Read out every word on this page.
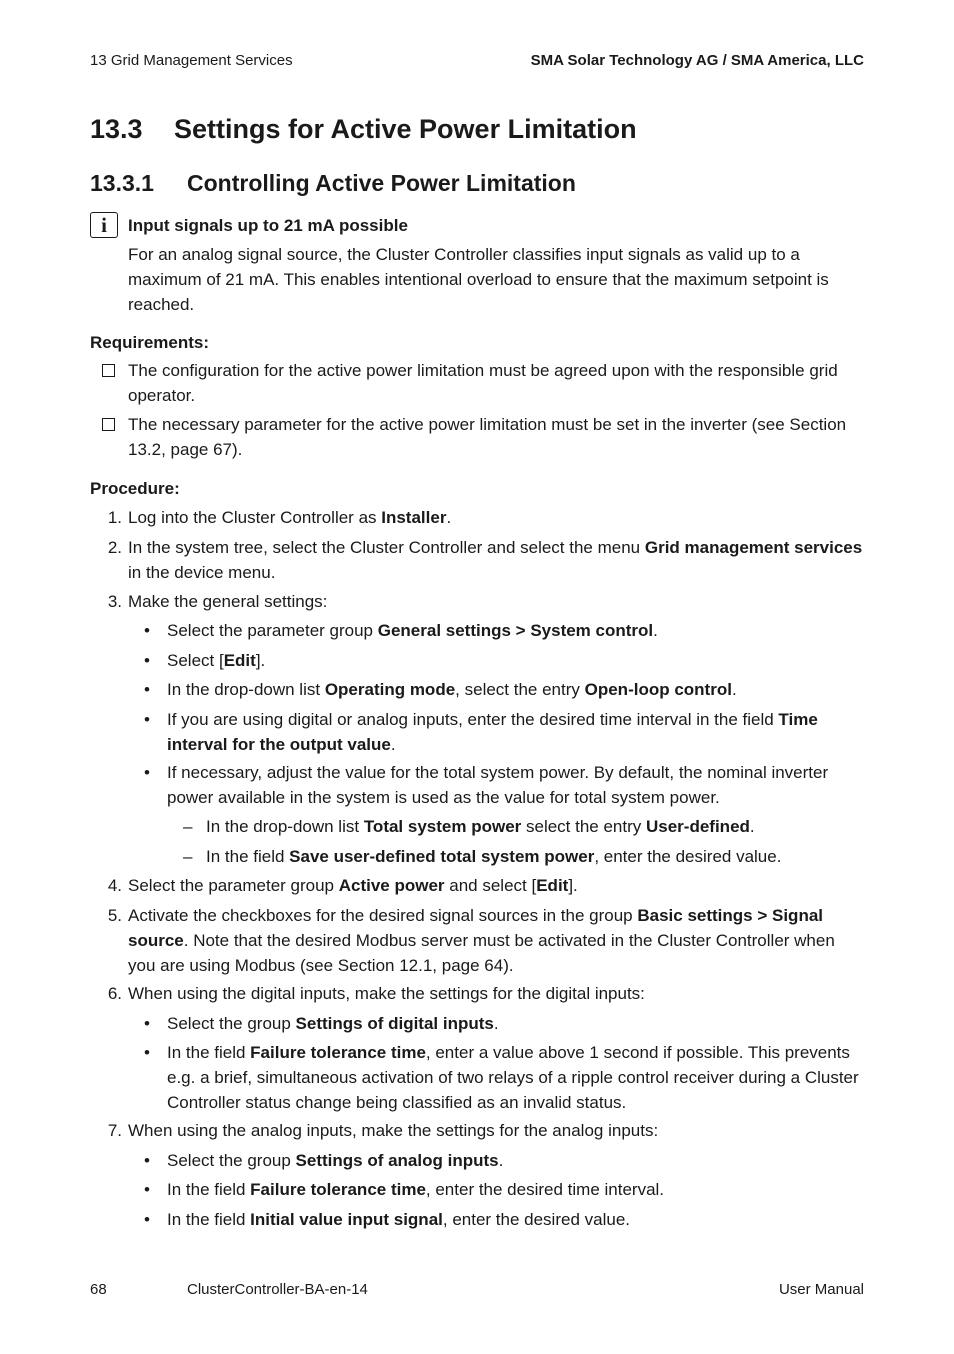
13 Grid Management Services	SMA Solar Technology AG / SMA America, LLC
13.3 Settings for Active Power Limitation
13.3.1 Controlling Active Power Limitation
i	Input signals up to 21 mA possible
For an analog signal source, the Cluster Controller classifies input signals as valid up to a maximum of 21 mA. This enables intentional overload to ensure that the maximum setpoint is reached.
Requirements:
The configuration for the active power limitation must be agreed upon with the responsible grid operator.
The necessary parameter for the active power limitation must be set in the inverter (see Section 13.2, page 67).
Procedure:
1. Log into the Cluster Controller as Installer.
2. In the system tree, select the Cluster Controller and select the menu Grid management services in the device menu.
3. Make the general settings:
• Select the parameter group General settings > System control.
• Select [Edit].
• In the drop-down list Operating mode, select the entry Open-loop control.
• If you are using digital or analog inputs, enter the desired time interval in the field Time interval for the output value.
• If necessary, adjust the value for the total system power. By default, the nominal inverter power available in the system is used as the value for total system power.
– In the drop-down list Total system power select the entry User-defined.
– In the field Save user-defined total system power, enter the desired value.
4. Select the parameter group Active power and select [Edit].
5. Activate the checkboxes for the desired signal sources in the group Basic settings > Signal source. Note that the desired Modbus server must be activated in the Cluster Controller when you are using Modbus (see Section 12.1, page 64).
6. When using the digital inputs, make the settings for the digital inputs:
• Select the group Settings of digital inputs.
• In the field Failure tolerance time, enter a value above 1 second if possible. This prevents e.g. a brief, simultaneous activation of two relays of a ripple control receiver during a Cluster Controller status change being classified as an invalid status.
7. When using the analog inputs, make the settings for the analog inputs:
• Select the group Settings of analog inputs.
• In the field Failure tolerance time, enter the desired time interval.
• In the field Initial value input signal, enter the desired value.
68	ClusterController-BA-en-14	User Manual
